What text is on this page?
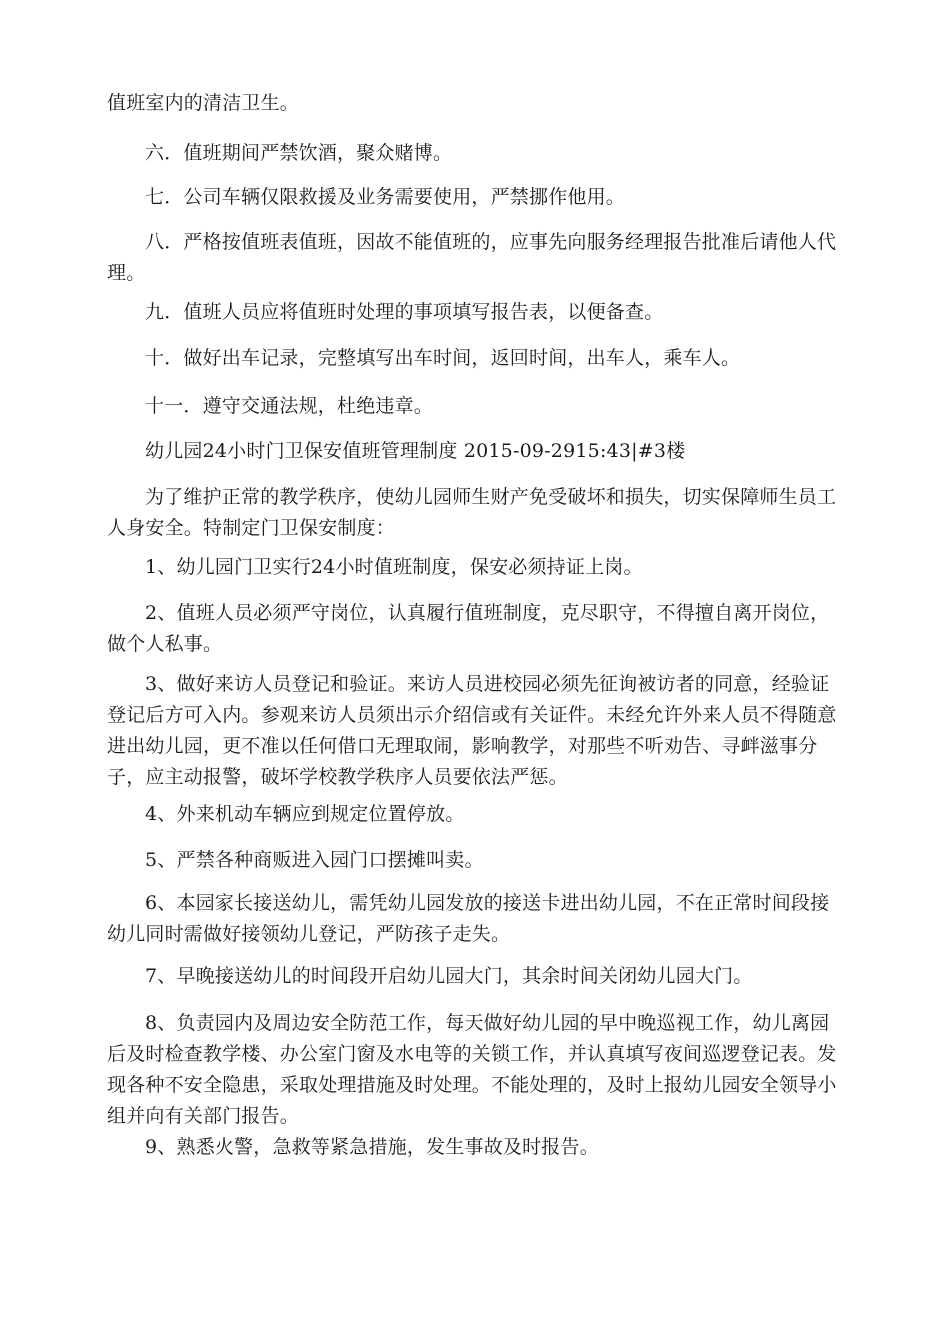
值班室内的清洁卫生。

六．值班期间严禁饮酒，聚众赌博。

七．公司车辆仅限救援及业务需要使用，严禁挪作他用。

八．严格按值班表值班，因故不能值班的，应事先向服务经理报告批准后请他人代理。

九．值班人员应将值班时处理的事项填写报告表，以便备查。

十．做好出车记录，完整填写出车时间，返回时间，出车人，乘车人。

十一．遵守交通法规，杜绝违章。

幼儿园24小时门卫保安值班管理制度 2015-09-2915:43|#3楼

为了维护正常的教学秩序，使幼儿园师生财产免受破坏和损失，切实保障师生员工人身安全。特制定门卫保安制度：

1、幼儿园门卫实行24小时值班制度，保安必须持证上岗。

2、值班人员必须严守岗位，认真履行值班制度，克尽职守，不得擅自离开岗位，做个人私事。

3、做好来访人员登记和验证。来访人员进校园必须先征询被访者的同意，经验证登记后方可入内。参观来访人员须出示介绍信或有关证件。未经允许外来人员不得随意进出幼儿园，更不准以任何借口无理取闹，影响教学，对那些不听劝告、寻衅滋事分子，应主动报警，破坏学校教学秩序人员要依法严惩。

4、外来机动车辆应到规定位置停放。

5、严禁各种商贩进入园门口摆摊叫卖。

6、本园家长接送幼儿，需凭幼儿园发放的接送卡进出幼儿园，不在正常时间段接幼儿同时需做好接领幼儿登记，严防孩子走失。

7、早晚接送幼儿的时间段开启幼儿园大门，其余时间关闭幼儿园大门。

8、负责园内及周边安全防范工作，每天做好幼儿园的早中晚巡视工作，幼儿离园后及时检查教学楼、办公室门窗及水电等的关锁工作，并认真填写夜间巡逻登记表。发现各种不安全隐患，采取处理措施及时处理。不能处理的，及时上报幼儿园安全领导小组并向有关部门报告。

9、熟悉火警，急救等紧急措施，发生事故及时报告。
